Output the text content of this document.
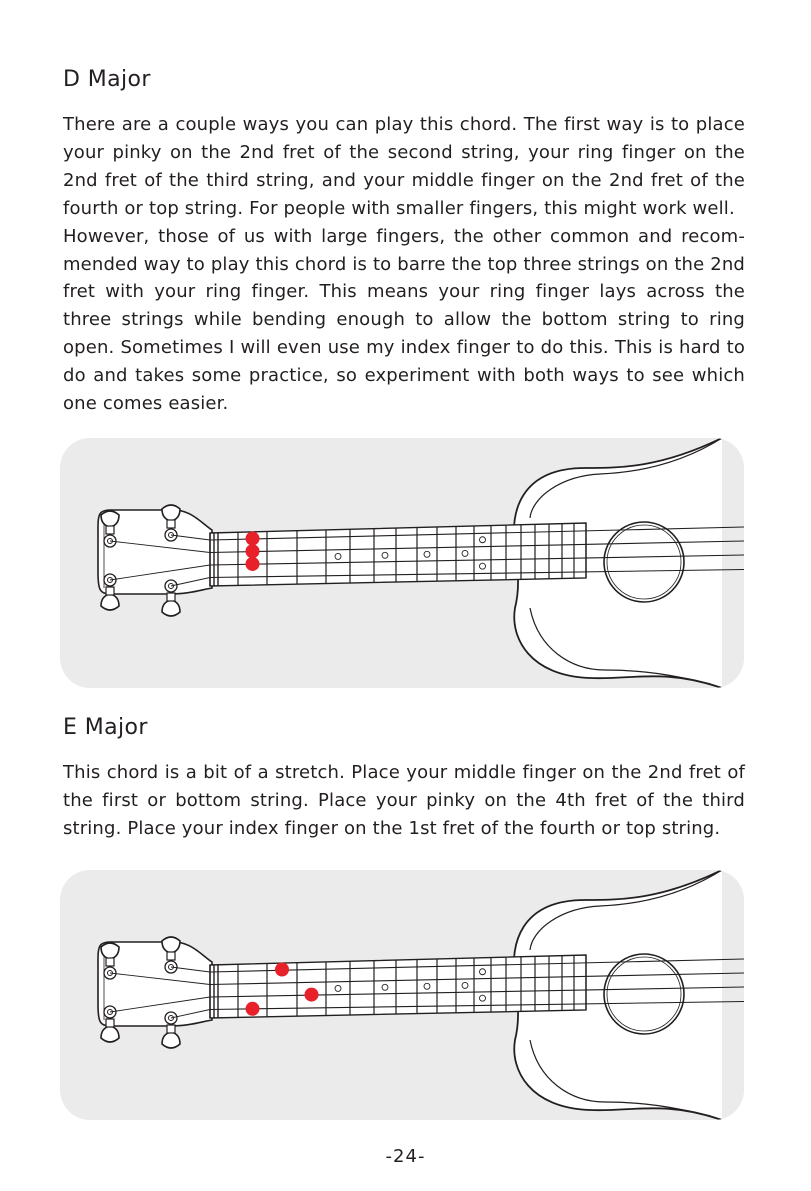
D Major

There are a couple ways you can play this chord. The first way is to place your pinky on the 2nd fret of the second string, your ring finger on the 2nd fret of the third string, and your middle finger on the 2nd fret of the fourth or top string. For people with smaller fingers, this might work well.

However, those of us with large fingers, the other common and recom-mended way to play this chord is to barre the top three strings on the 2nd fret with your ring finger. This means your ring finger lays across the three strings while bending enough to allow the bottom string to ring open. Sometimes I will even use my index finger to do this. This is hard to do and takes some practice, so experiment with both ways to see which one comes easier.

E Major

This chord is a bit of a stretch. Place your middle finger on the 2nd fret of the first or bottom string. Place your pinky on the 4th fret of the third string. Place your index finger on the 1st fret of the fourth or top string.

-24-
